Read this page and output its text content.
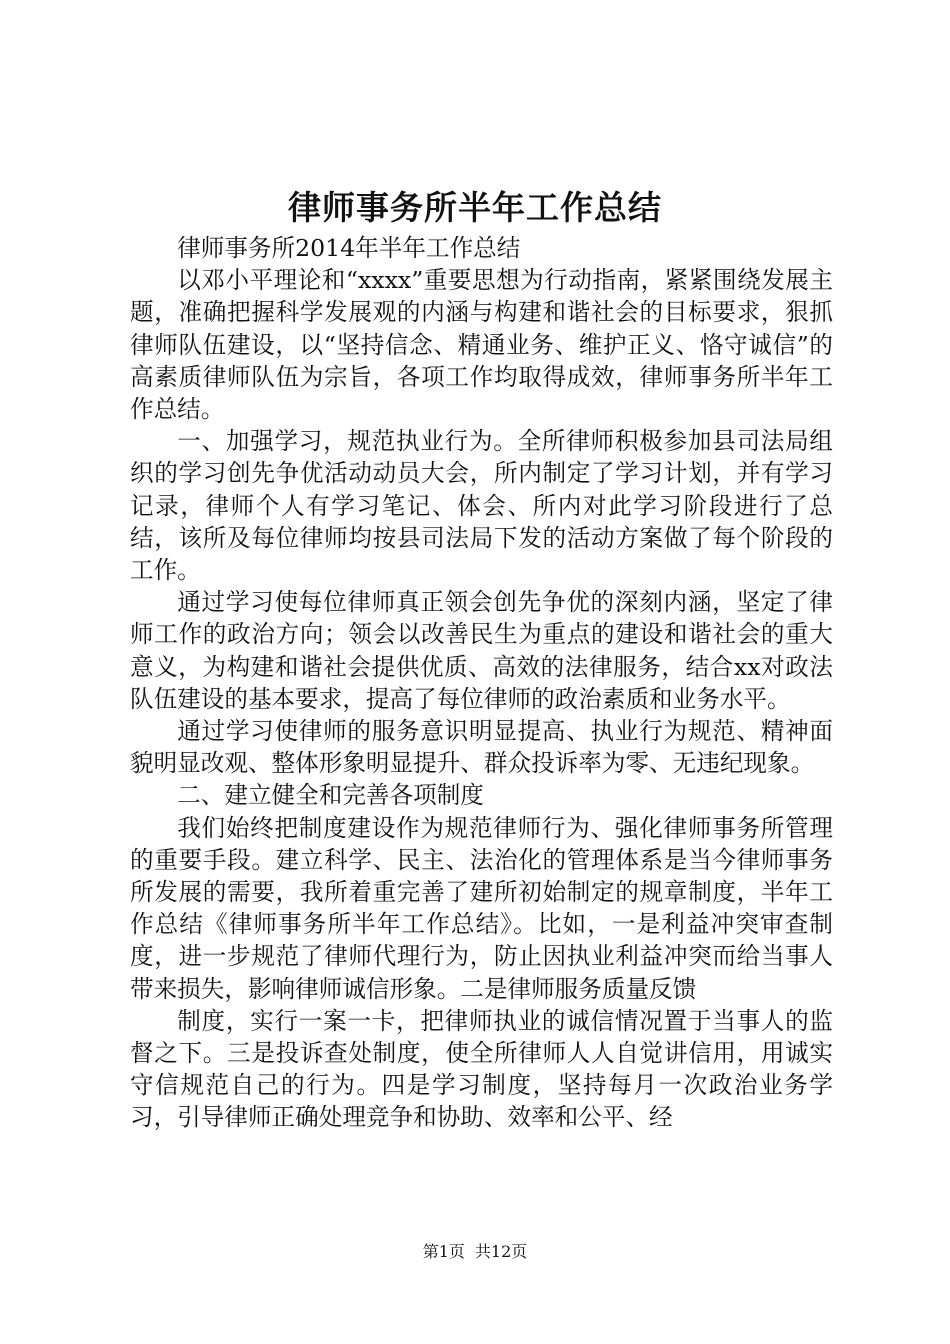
律师事务所半年工作总结

律师事务所2014年半年工作总结

以邓小平理论和“xxxx”重要思想为行动指南，紧紧围绕发展主题，准确把握科学发展观的内涵与构建和谐社会的目标要求，狠抓律师队伍建设，以“坚持信念、精通业务、维护正义、恪守诚信”的高素质律师队伍为宗旨，各项工作均取得成效，律师事务所半年工作总结。

一、加强学习，规范执业行为。全所律师积极参加县司法局组织的学习创先争优活动动员大会，所内制定了学习计划，并有学习记录，律师个人有学习笔记、体会、所内对此学习阶段进行了总结，该所及每位律师均按县司法局下发的活动方案做了每个阶段的工作。

通过学习使每位律师真正领会创先争优的深刻内涵，坚定了律师工作的政治方向；领会以改善民生为重点的建设和谐社会的重大意义，为构建和谐社会提供优质、高效的法律服务，结合xx对政法队伍建设的基本要求，提高了每位律师的政治素质和业务水平。

通过学习使律师的服务意识明显提高、执业行为规范、精神面貌明显改观、整体形象明显提升、群众投诉率为零、无违纪现象。

二、建立健全和完善各项制度

我们始终把制度建设作为规范律师行为、强化律师事务所管理的重要手段。建立科学、民主、法治化的管理体系是当今律师事务所发展的需要，我所着重完善了建所初始制定的规章制度，半年工作总结《律师事务所半年工作总结》。比如，一是利益冲突审查制度，进一步规范了律师代理行为，防止因执业利益冲突而给当事人带来损失，影响律师诚信形象。二是律师服务质量反馈

制度，实行一案一卡，把律师执业的诚信情况置于当事人的监督之下。三是投诉查处制度，使全所律师人人自觉讲信用，用诚实守信规范自己的行为。四是学习制度，坚持每月一次政治业务学习，引导律师正确处理竞争和协助、效率和公平、经

第1页 共12页
